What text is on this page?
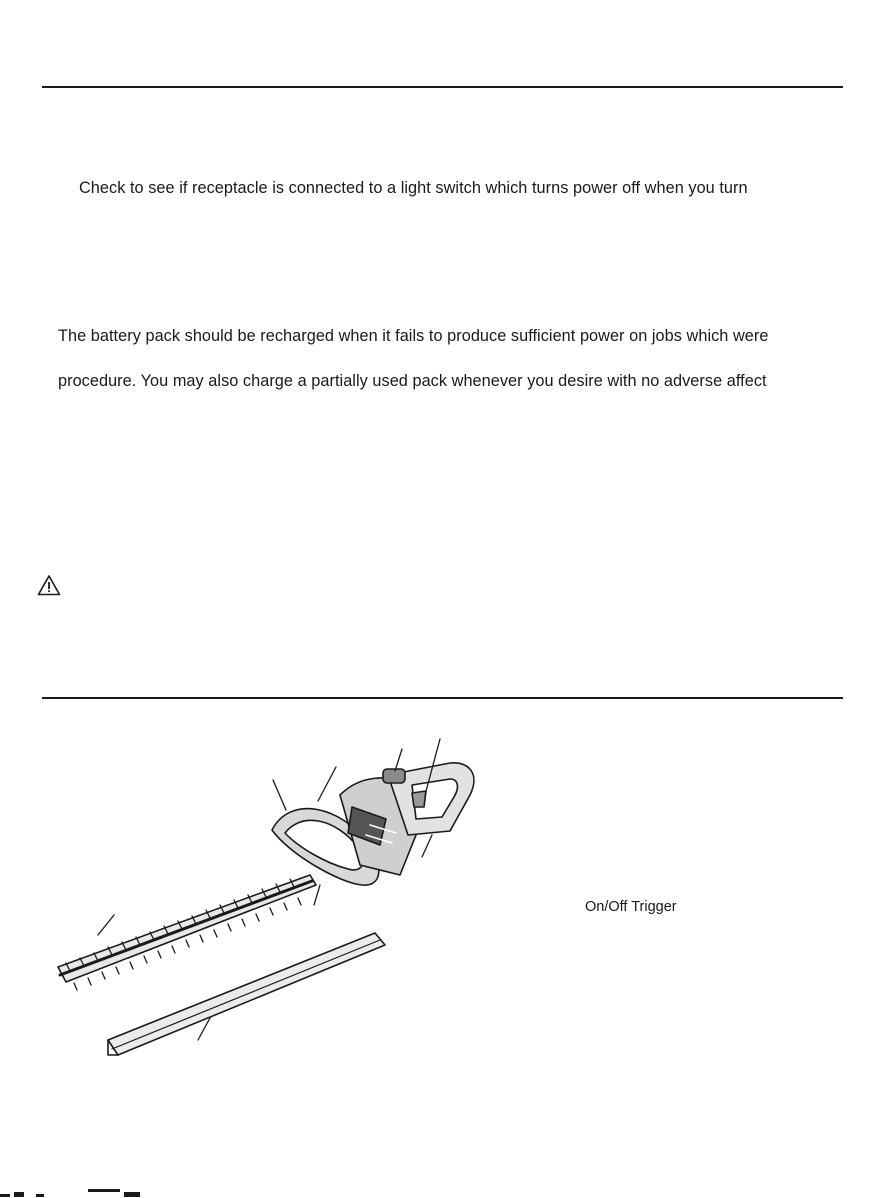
Check to see if receptacle is connected to a light switch which turns power off when you turn
The battery pack should be recharged when it fails to produce sufficient power on jobs which were
procedure. You may also charge a partially used pack whenever you desire with no adverse affect
On/Off Trigger
